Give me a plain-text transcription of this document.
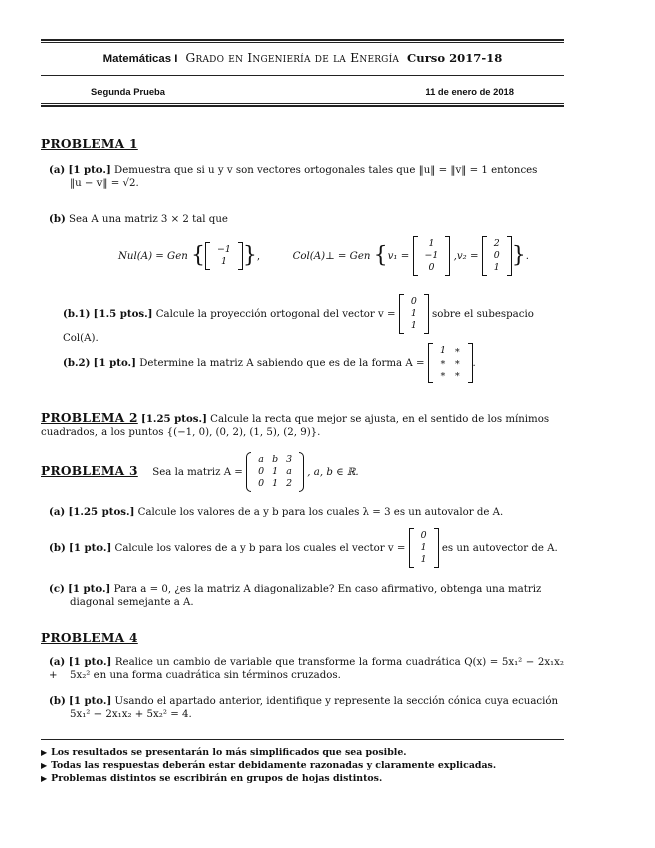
Matemáticas I Grado en Ingeniería de la Energía Curso 2017-18
Segunda Prueba	11 de enero de 2018
PROBLEMA 1
(a) [1 pto.] Demuestra que si u y v son vectores ortogonales tales que ‖u‖ = ‖v‖ = 1 entonces
‖u − v‖ = √2.
(b) Sea A una matriz 3 × 2 tal que
Nul(A) = Gen { −1
1 },	Col(A)⊥ = Gen {v₁ =
1
−1
0
,v₂ =
2
0
1 }.
(b.1) [1.5 ptos.] Calcule la proyección ortogonal del vector v =
0
1
1
sobre el subespacio Col(A).
(b.2) [1 pto.] Determine la matriz A sabiendo que es de la forma A =
1	∗
∗	∗
∗	∗
.
PROBLEMA 2 [1.25 ptos.] Calcule la recta que mejor se ajusta, en el sentido de los mínimos
cuadrados, a los puntos {(−1, 0), (0, 2), (1, 5), (2, 9)}.
PROBLEMA 3 Sea la matriz A =
a	b	3
0	1	a
0	1	2
, a, b ∈ ℝ.
(a) [1.25 ptos.] Calcule los valores de a y b para los cuales λ = 3 es un autovalor de A.
(b) [1 pto.] Calcule los valores de a y b para los cuales el vector v =
0
1
1
es un autovector de A.
(c) [1 pto.] Para a = 0, ¿es la matriz A diagonalizable? En caso afirmativo, obtenga una matriz
diagonal semejante a A.
PROBLEMA 4
(a) [1 pto.] Realice un cambio de variable que transforme la forma cuadrática Q(x) = 5x₁² − 2x₁x₂ +	5x₂² en una forma cuadrática sin términos cruzados.
(b) [1 pto.] Usando el apartado anterior, identifique y represente la sección cónica cuya ecuación
5x₁² − 2x₁x₂ + 5x₂² = 4.
▶ Los resultados se presentarán lo más simplificados que sea posible.
▶ Todas las respuestas deberán estar debidamente razonadas y claramente explicadas.
▶ Problemas distintos se escribirán en grupos de hojas distintos.
